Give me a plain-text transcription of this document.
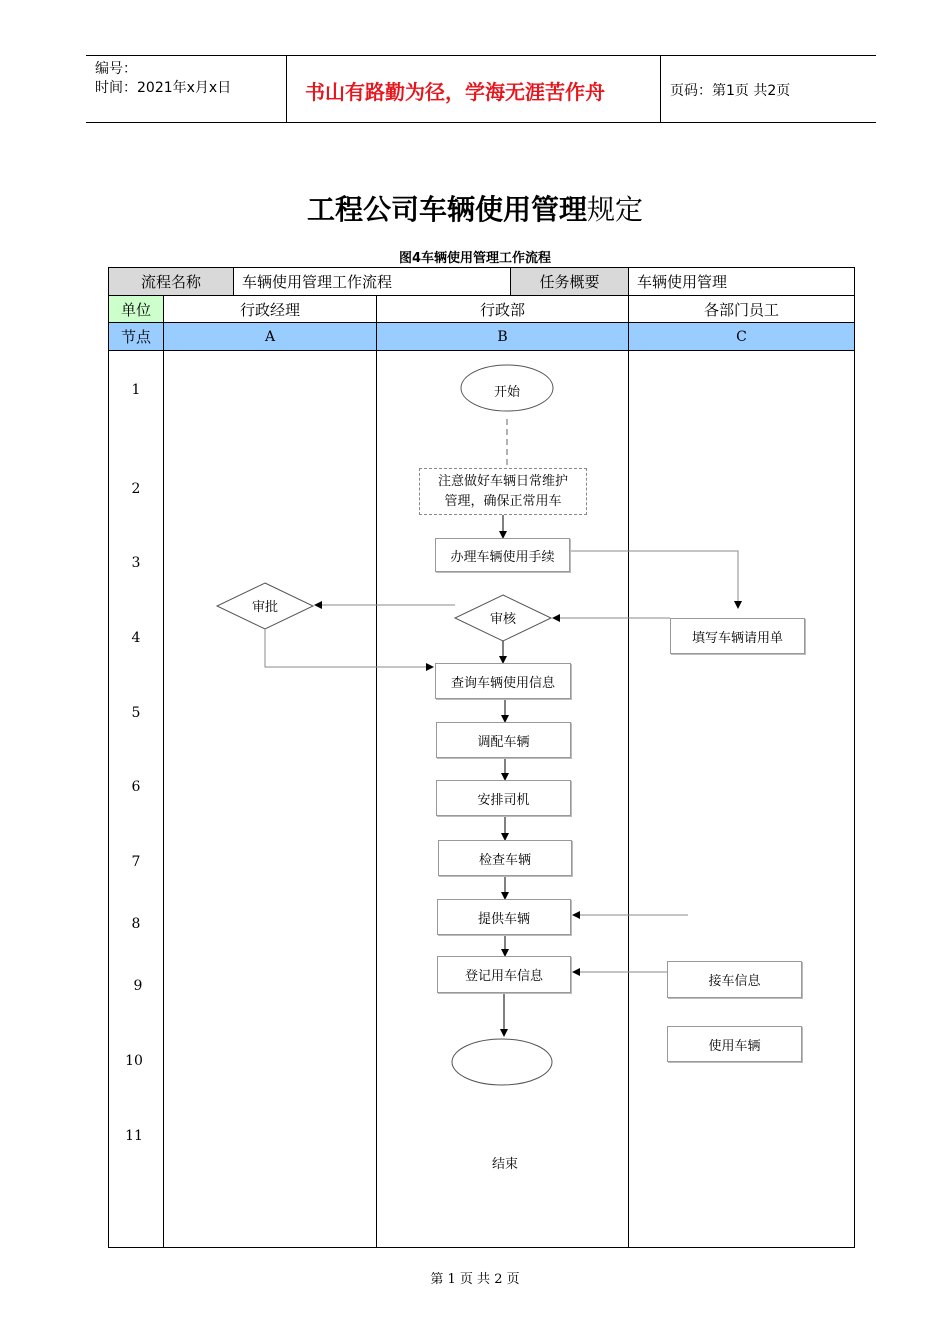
编号：
时间：2021年x月x日	书山有路勤为径，学海无涯苦作舟	页码：第1页 共2页
工程公司车辆使用管理规定
图4车辆使用管理工作流程
流程名称	车辆使用管理工作流程	任务概要	车辆使用管理
单位	行政经理	行政部	各部门员工
节点	A	B	C
1
2
3
4
5
6
7
8
9
10
11
开始
注意做好车辆日常维护
管理，确保正常用车
办理车辆使用手续
审核
填写车辆请用单
查询车辆使用信息
调配车辆
安排司机
检查车辆
提供车辆
登记用车信息	接车信息
使用车辆
结束
第 1 页 共 2 页
